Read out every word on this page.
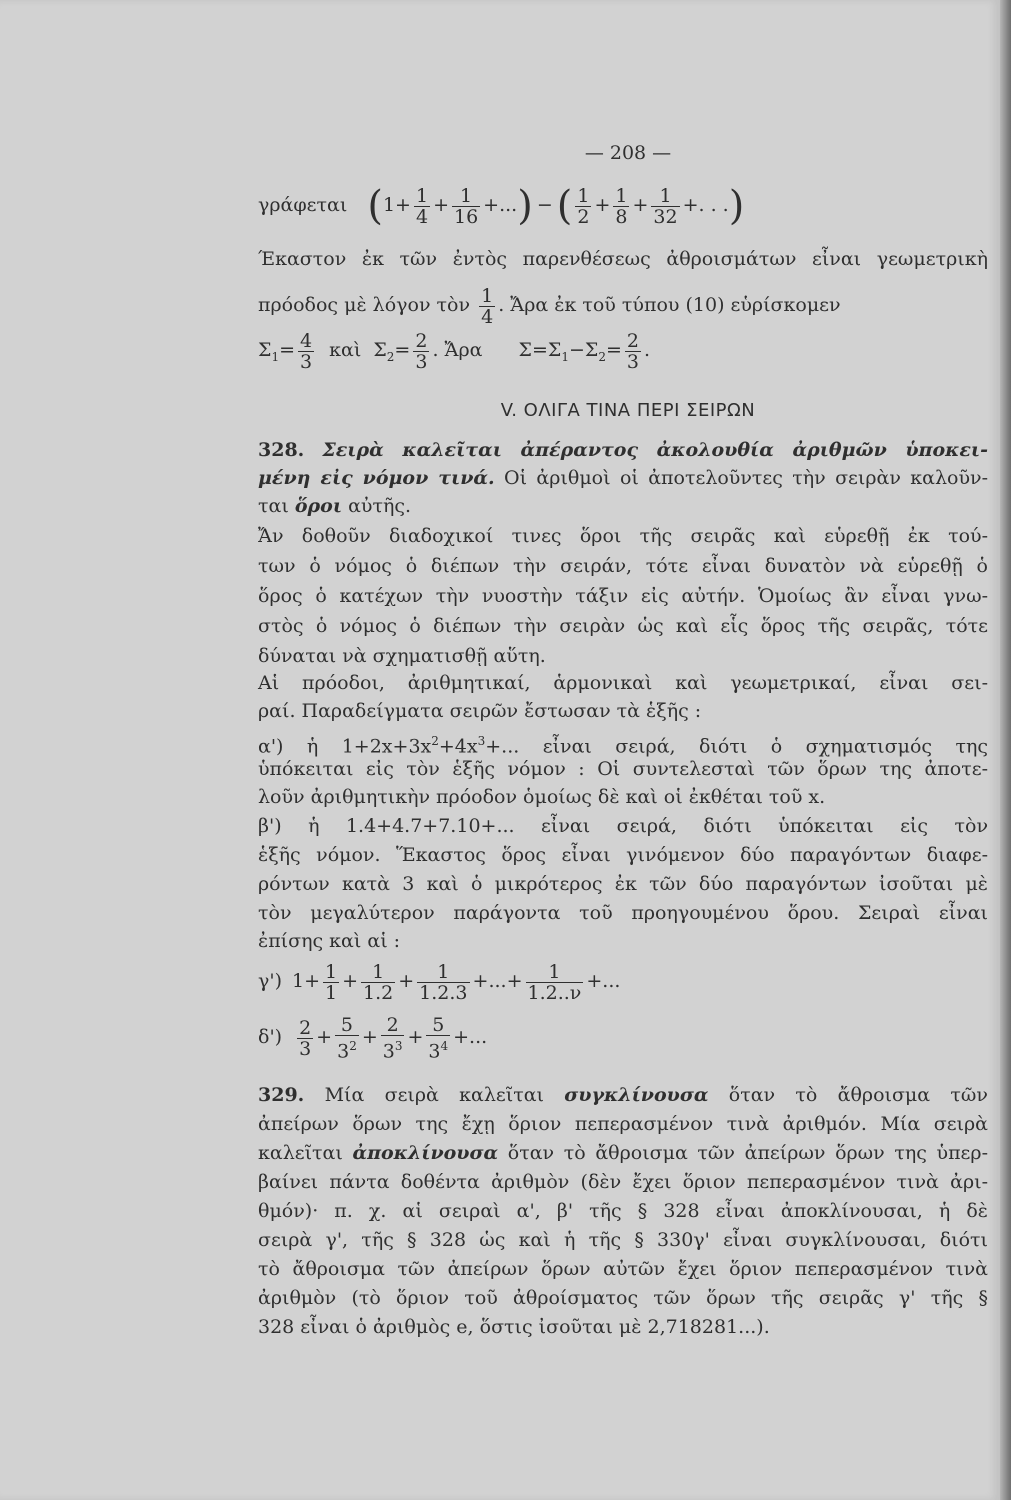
— 208 —
γράφεται ($1+ \frac{1}{4} + \frac{1}{16}$ +...) − ( $\frac{1}{2} + \frac{1}{8} + \frac{1}{32}$ +. . .)
Έκαστον ἐκ τῶν ἐντὸς παρενθέσεως ἀθροισμάτων εἶναι γεωμετρικὴ
πρόοδος μὲ λόγον τὸν $\frac{1}{4}$ . Ἄρα ἐκ τοῦ τύπου (10) εὑρίσκομεν
$\Sigma_1= \frac{4}{3}$ καὶ $\Sigma_2= \frac{2}{3}$ . Ἄρα $\Sigma=\Sigma_1-\Sigma_2= \frac{2}{3}$ .
V. ΟΛΙΓΑ ΤΙΝΑ ΠΕΡΙ ΣΕΙΡΩΝ
328. Σειρὰ καλεῖται ἀπέραντος ἀκολουθία ἀριθμῶν ὑποκει-
μένη εἰς νόμον τινά. Οἱ ἀριθμοὶ οἱ ἀποτελοῦντες τὴν σειρὰν καλοῦν-
ται ὅροι αὐτῆς.
Ἄν δοθοῦν διαδοχικοί τινες ὅροι τῆς σειρᾶς καὶ εὑρεθῇ ἐκ τού-
των ὁ νόμος ὁ διέπων τὴν σειράν, τότε εἶναι δυνατὸν νὰ εὑρεθῇ ὁ
ὅρος ὁ κατέχων τὴν νυοστὴν τάξιν εἰς αὐτήν. Ὁμοίως ἂν εἶναι γνω-
στὸς ὁ νόμος ὁ διέπων τὴν σειρὰν ὡς καὶ εἷς ὅρος τῆς σειρᾶς, τότε
δύναται νὰ σχηματισθῇ αὕτη.
Αἱ πρόοδοι, ἀριθμητικαί, ἁρμονικαὶ καὶ γεωμετρικαί, εἶναι σει-
ραί. Παραδείγματα σειρῶν ἔστωσαν τὰ ἑξῆς :
α') ἡ $1+2x+3x^2+4x^3+$... εἶναι σειρά, διότι ὁ σχηματισμός της
ὑπόκειται εἰς τὸν ἑξῆς νόμον : Οἱ συντελεσταὶ τῶν ὅρων της ἀποτε-
λοῦν ἀριθμητικὴν πρόοδον ὁμοίως δὲ καὶ οἱ ἐκθέται τοῦ x.
β') ἡ 1.4+4.7+7.10+... εἶναι σειρά, διότι ὑπόκειται εἰς τὸν
ἑξῆς νόμον. Ἕκαστος ὅρος εἶναι γινόμενον δύο παραγόντων διαφε-
ρόντων κατὰ 3 καὶ ὁ μικρότερος ἐκ τῶν δύο παραγόντων ἰσοῦται μὲ
τὸν μεγαλύτερον παράγοντα τοῦ προηγουμένου ὅρου. Σειραὶ εἶναι
ἐπίσης καὶ αἱ :
γ') $1+ \frac{1}{1} + \frac{1}{1.2} + \frac{1}{1.2.3}$ +...+ $\frac{1}{1.2..\nu}$ +...
$\delta') \frac{2}{3} + \frac{5}{3^2} + \frac{2}{3^3} + \frac{5}{3^4}$ +...
329. Μία σειρὰ καλεῖται συγκλίνουσα ὅταν τὸ ἄθροισμα τῶν
ἀπείρων ὅρων της ἔχῃ ὅριον πεπερασμένον τινὰ ἀριθμόν. Μία σειρὰ
καλεῖται ἀποκλίνουσα ὅταν τὸ ἄθροισμα τῶν ἀπείρων ὅρων της ὑπερ-
βαίνει πάντα δοθέντα ἀριθμὸν (δὲν ἔχει ὅριον πεπερασμένον τινὰ ἀρι-
θμόν)· π. χ. αἱ σειραὶ α', β' τῆς § 328 εἶναι ἀποκλίνουσαι, ἡ δὲ
σειρὰ γ', τῆς § 328 ὡς καὶ ἡ τῆς § 330γ' εἶναι συγκλίνουσαι, διότι
τὸ ἄθροισμα τῶν ἀπείρων ὅρων αὐτῶν ἔχει ὅριον πεπερασμένον τινὰ
ἀριθμὸν (τὸ ὅριον τοῦ ἀθροίσματος τῶν ὅρων τῆς σειρᾶς γ' τῆς §
328 εἶναι ὁ ἀριθμὸς e, ὅστις ἰσοῦται μὲ 2,718281...).
